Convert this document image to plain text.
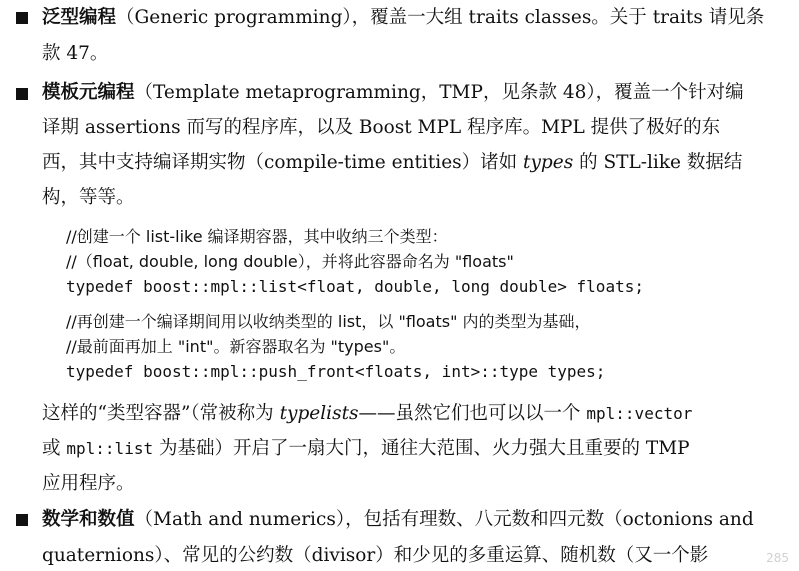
泛型编程（Generic programming），覆盖一大组 traits classes。关于 traits 请见条
款 47。
模板元编程（Template metaprogramming，TMP，见条款 48），覆盖一个针对编
译期 assertions 而写的程序库，以及 Boost MPL 程序库。MPL 提供了极好的东
西，其中支持编译期实物（compile-time entities）诸如 types 的 STL-like 数据结
构，等等。
//创建一个 list-like 编译期容器，其中收纳三个类型：
//（float, double, long double），并将此容器命名为 "floats"
typedef boost::mpl::list<float, double, long double> floats;
//再创建一个编译期间用以收纳类型的 list，以 "floats" 内的类型为基础，
//最前面再加上 "int"。新容器取名为 "types"。
typedef boost::mpl::push_front<floats, int>::type types;
这样的“类型容器”（常被称为 typelists——虽然它们也可以以一个 mpl::vector
或 mpl::list 为基础）开启了一扇大门，通往大范围、火力强大且重要的 TMP
应用程序。
数学和数值（Math and numerics），包括有理数、八元数和四元数（octonions and
quaternions）、常见的公约数（divisor）和少见的多重运算、随机数（又一个影	285
